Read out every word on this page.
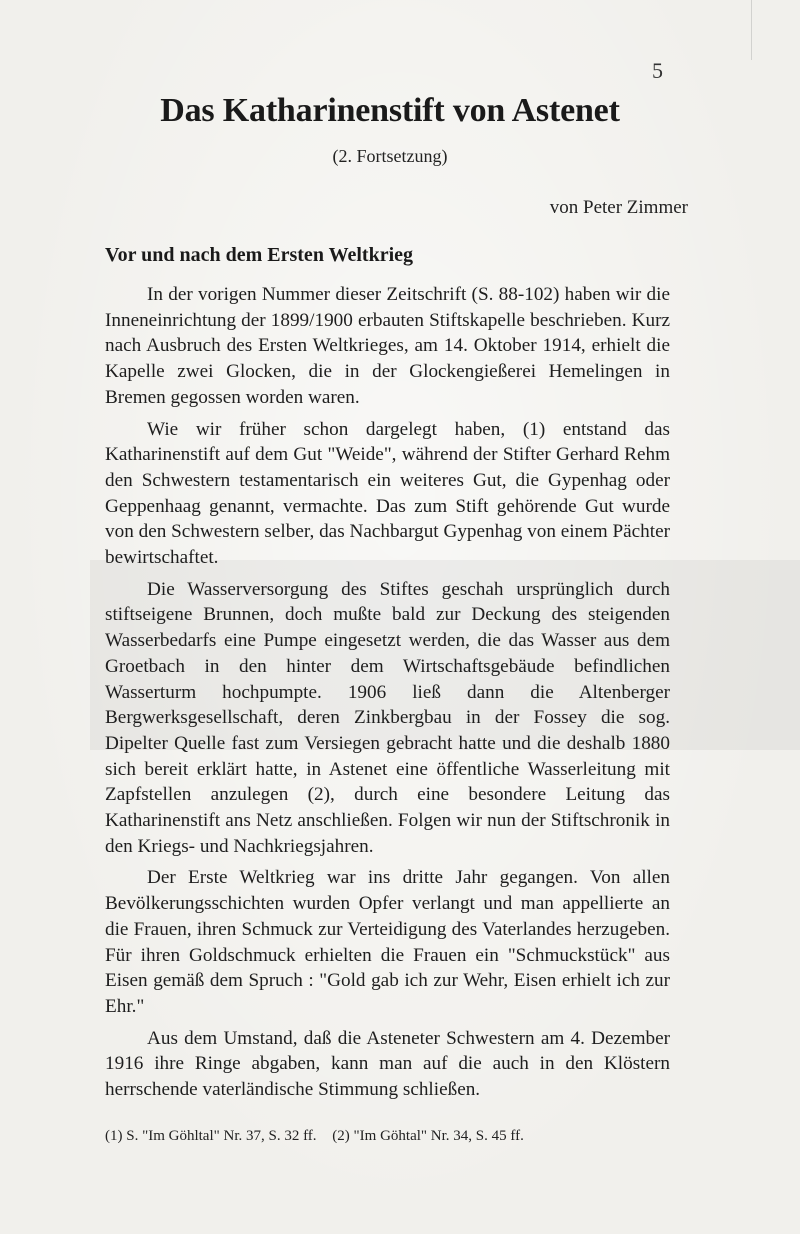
5
Das Katharinenstift von Astenet
(2. Fortsetzung)
von Peter Zimmer
Vor und nach dem Ersten Weltkrieg

In der vorigen Nummer dieser Zeitschrift (S. 88-102) haben wir die Inneneinrichtung der 1899/1900 erbauten Stiftskapelle beschrieben. Kurz nach Ausbruch des Ersten Weltkrieges, am 14. Oktober 1914, erhielt die Kapelle zwei Glocken, die in der Glockengießerei Hemelingen in Bremen gegossen worden waren.

Wie wir früher schon dargelegt haben, (1) entstand das Katharinenstift auf dem Gut "Weide", während der Stifter Gerhard Rehm den Schwestern testamentarisch ein weiteres Gut, die Gypenhag oder Geppenhaag genannt, vermachte. Das zum Stift gehörende Gut wurde von den Schwestern selber, das Nachbargut Gypenhag von einem Pächter bewirtschaftet.

Die Wasserversorgung des Stiftes geschah ursprünglich durch stiftseigene Brunnen, doch mußte bald zur Deckung des steigenden Wasserbedarfs eine Pumpe eingesetzt werden, die das Wasser aus dem Groetbach in den hinter dem Wirtschaftsgebäude befindlichen Wasserturm hochpumpte. 1906 ließ dann die Altenberger Bergwerksgesellschaft, deren Zinkbergbau in der Fossey die sog. Dipelter Quelle fast zum Versiegen gebracht hatte und die deshalb 1880 sich bereit erklärt hatte, in Astenet eine öffentliche Wasserleitung mit Zapfstellen anzulegen (2), durch eine besondere Leitung das Katharinenstift ans Netz anschließen. Folgen wir nun der Stiftschronik in den Kriegs- und Nachkriegsjahren.

Der Erste Weltkrieg war ins dritte Jahr gegangen. Von allen Bevölkerungsschichten wurden Opfer verlangt und man appellierte an die Frauen, ihren Schmuck zur Verteidigung des Vaterlandes herzugeben. Für ihren Goldschmuck erhielten die Frauen ein "Schmuckstück" aus Eisen gemäß dem Spruch : "Gold gab ich zur Wehr, Eisen erhielt ich zur Ehr."

Aus dem Umstand, daß die Asteneter Schwestern am 4. Dezember 1916 ihre Ringe abgaben, kann man auf die auch in den Klöstern herrschende vaterländische Stimmung schließen.

(1) S. "Im Göhltal" Nr. 37, S. 32 ff. (2) "Im Göhtal" Nr. 34, S. 45 ff.
